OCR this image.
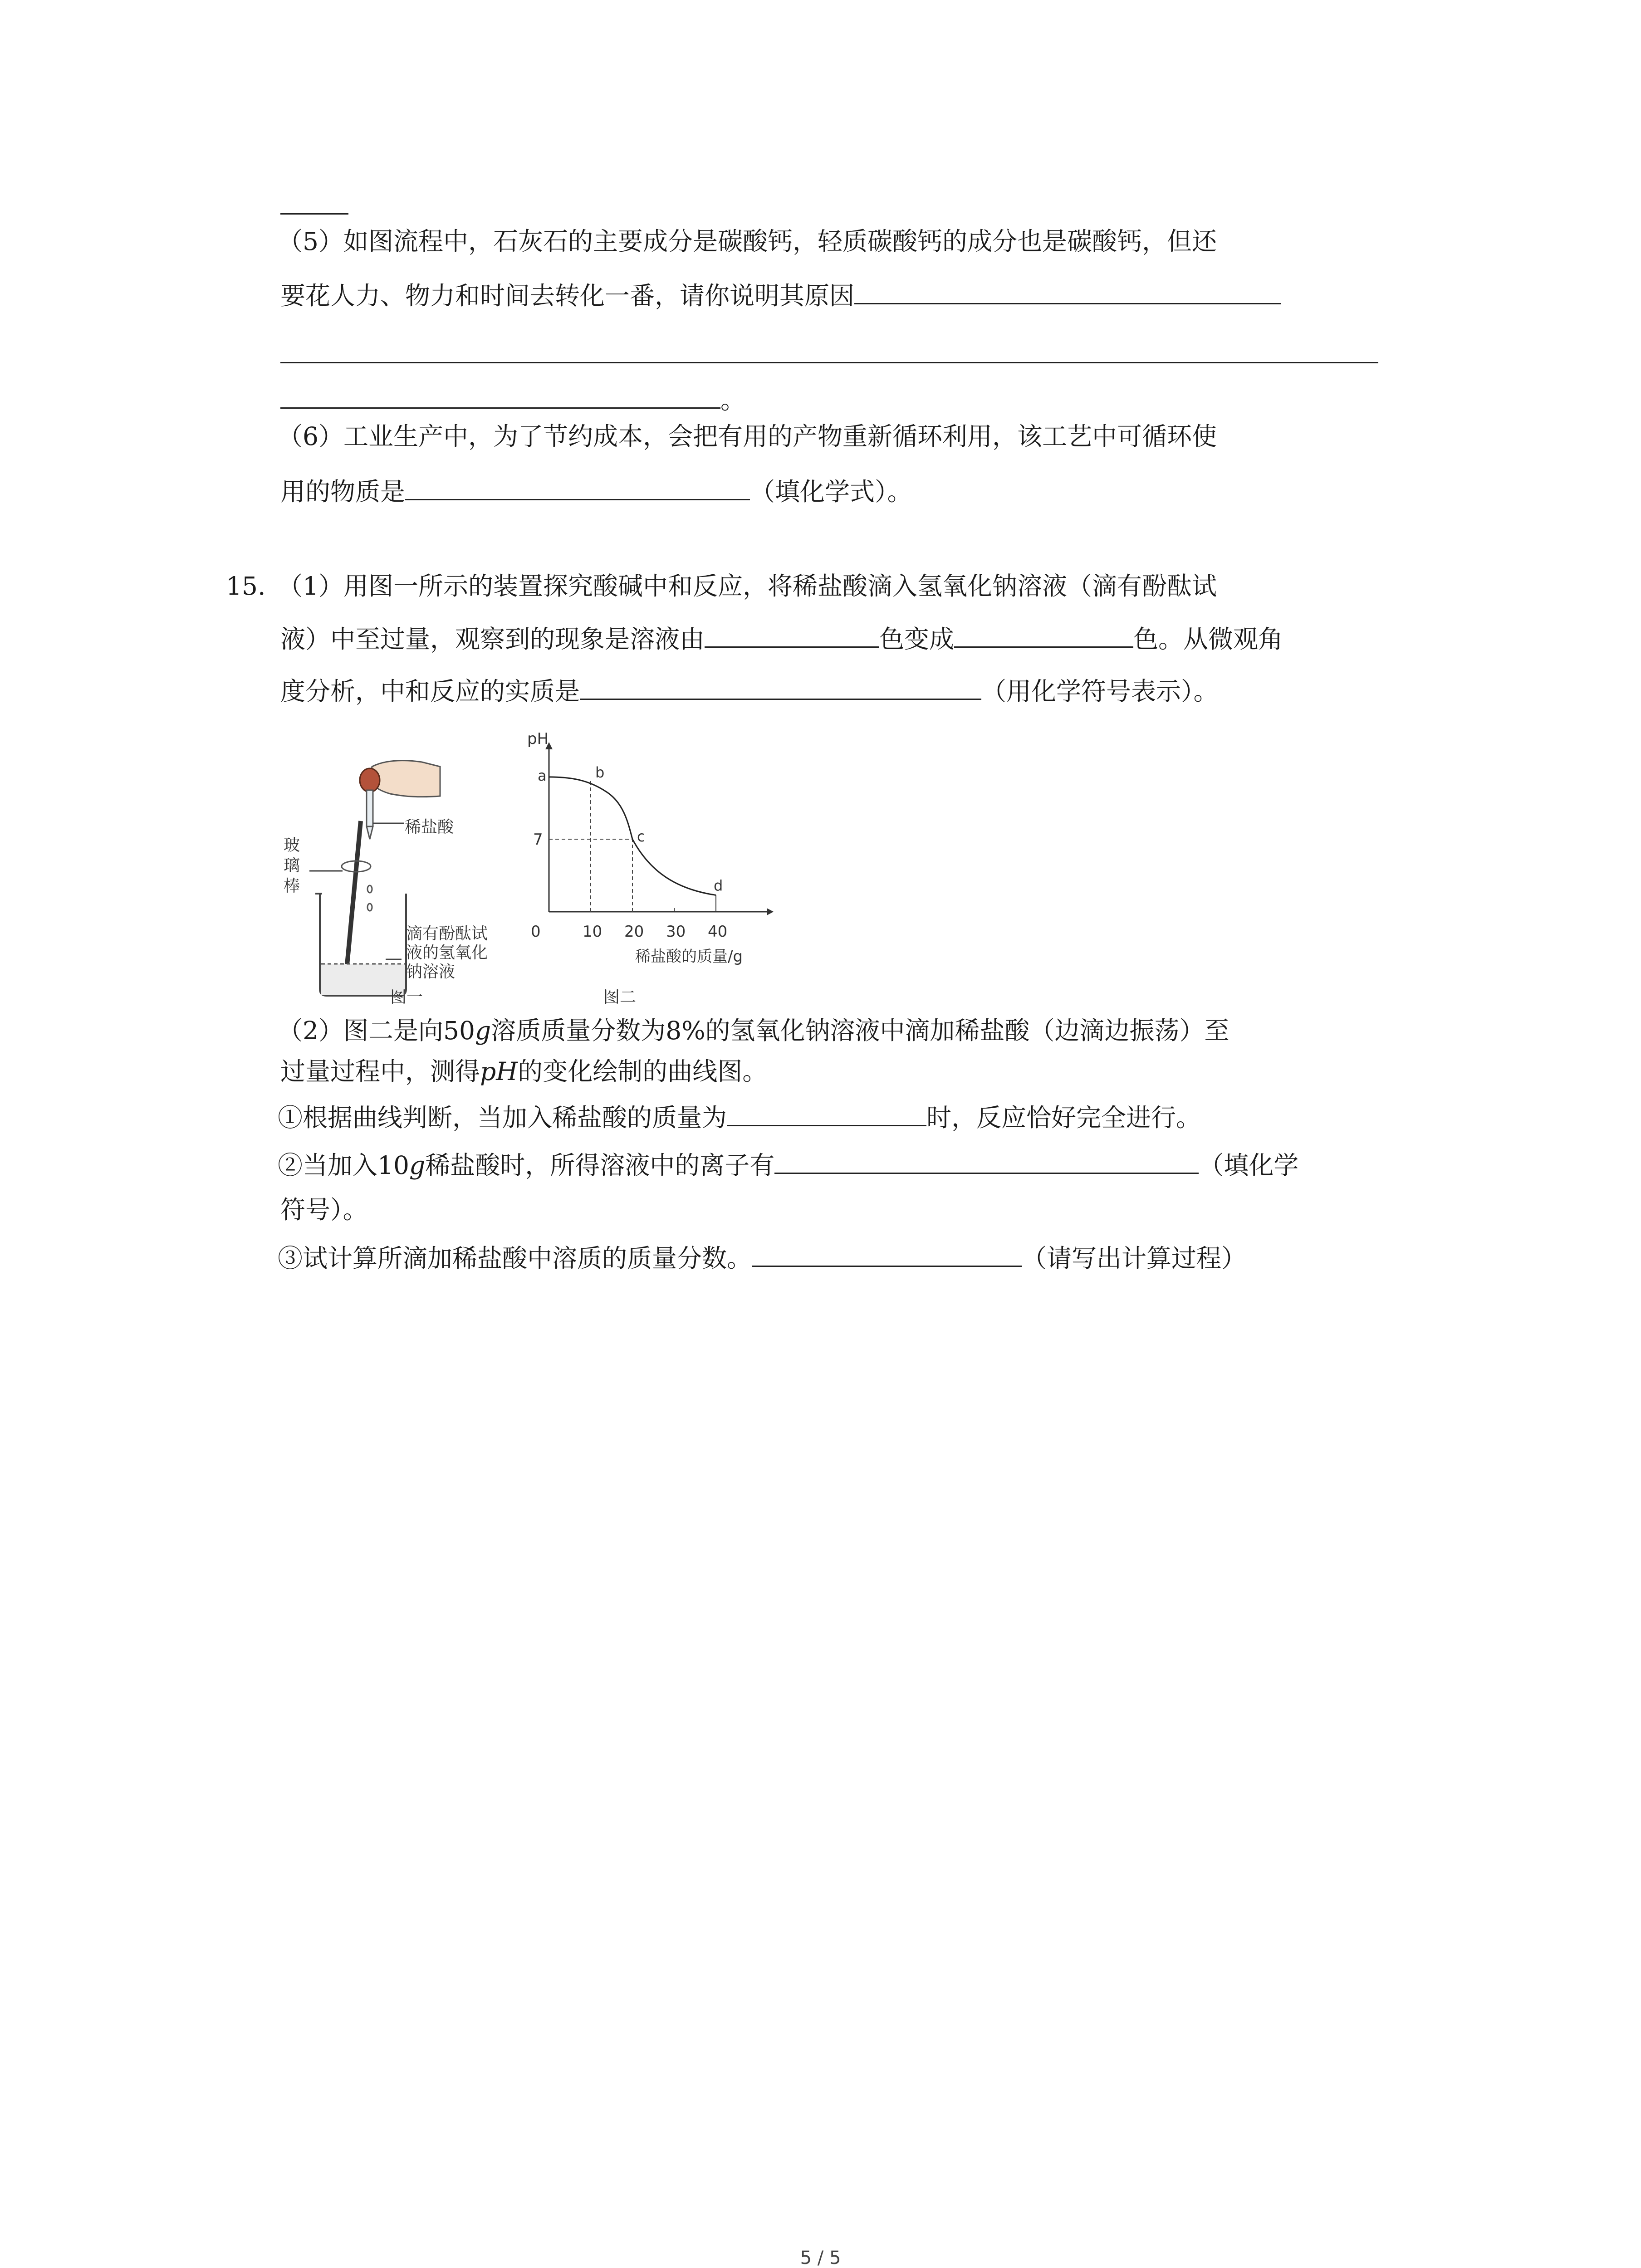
（5）如图流程中，石灰石的主要成分是碳酸钙，轻质碳酸钙的成分也是碳酸钙，但还
要花人力、物力和时间去转化一番，请你说明其原因
。
（6）工业生产中，为了节约成本，会把有用的产物重新循环利用，该工艺中可循环使
用的物质是	（填化学式）。
15. （1）用图一所示的装置探究酸碱中和反应，将稀盐酸滴入氢氧化钠溶液（滴有酚酞试
液）中至过量，观察到的现象是溶液由	色变成	色。从微观角
度分析，中和反应的实质是	（用化学符号表示）。
稀盐酸
玻
璃
棒
滴有酚酞试
液的氢氧化
钠溶液
图一
pH
稀盐酸的质量/g
0	10 20 30 40
7
a	b
c
d
图二
（2）图二是向50g溶质质量分数为8%的氢氧化钠溶液中滴加稀盐酸（边滴边振荡）至
过量过程中，测得pH的变化绘制的曲线图。
①根据曲线判断，当加入稀盐酸的质量为	时，反应恰好完全进行。
②当加入10g稀盐酸时，所得溶液中的离子有	（填化学
符号）。
③试计算所滴加稀盐酸中溶质的质量分数。	（请写出计算过程）
5 / 5
